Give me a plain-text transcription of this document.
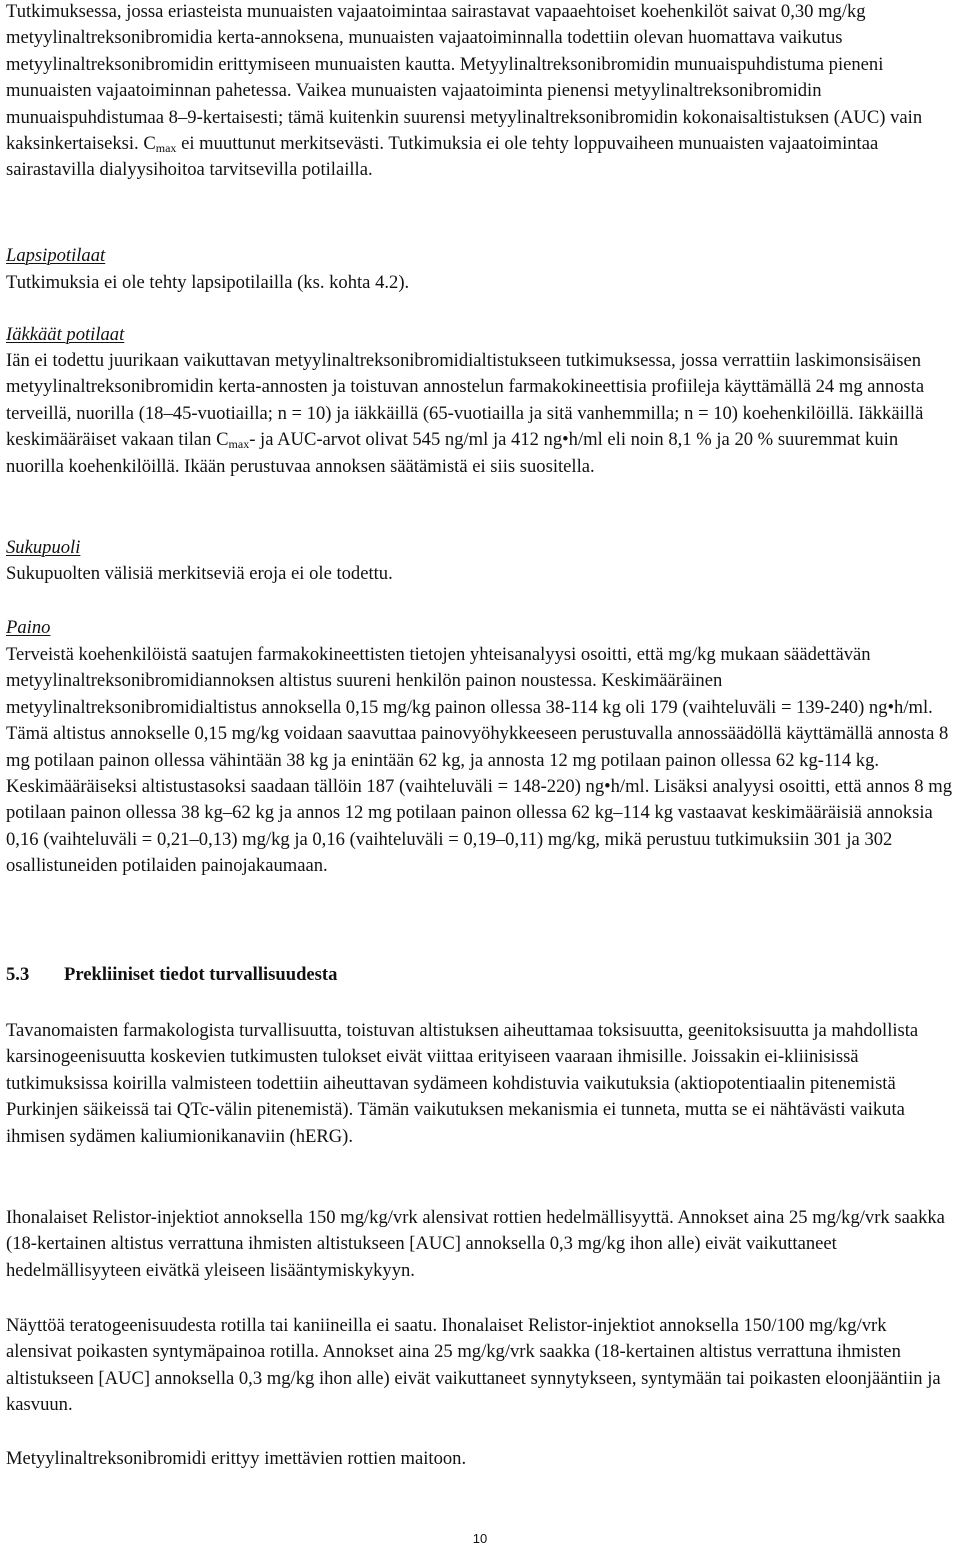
Tutkimuksessa, jossa eriasteista munuaisten vajaatoimintaa sairastavat vapaaehtoiset koehenkilöt saivat 0,30 mg/kg metyylinaltreksonibromidia kerta-annoksena, munuaisten vajaatoiminnalla todettiin olevan huomattava vaikutus metyylinaltreksonibromidin erittymiseen munuaisten kautta. Metyylinaltreksonibromidin munuaispuhdistuma pieneni munuaisten vajaatoiminnan pahetessa. Vaikea munuaisten vajaatoiminta pienensi metyylinaltreksonibromidin munuaispuhdistumaa 8–9-kertaisesti; tämä kuitenkin suurensi metyylinaltreksonibromidin kokonaisaltistuksen (AUC) vain kaksinkertaiseksi. $C_{max}$ ei muuttunut merkitsevästi. Tutkimuksia ei ole tehty loppuvaiheen munuaisten vajaatoimintaa sairastavilla dialyysihoitoa tarvitsevilla potilailla.

Lapsipotilaat

Tutkimuksia ei ole tehty lapsipotilailla (ks. kohta 4.2).

Iäkkäät potilaat

Iän ei todettu juurikaan vaikuttavan metyylinaltreksonibromidialtistukseen tutkimuksessa, jossa verrattiin laskimonsisäisen metyylinaltreksonibromidin kerta-annosten ja toistuvan annostelun farmakokineettisia profiileja käyttämällä 24 mg annosta terveillä, nuorilla (18–45-vuotiailla; n = 10) ja iäkkäillä (65-vuotiailla ja sitä vanhemmilla; n = 10) koehenkilöillä. Iäkkäillä keskimääräiset vakaan tilan $C_{max}-$ ja AUC-arvot olivat 545 ng/ml ja 412 ng•h/ml eli noin 8,1 % ja 20 % suuremmat kuin nuorilla koehenkilöillä. Ikään perustuvaa annoksen säätämistä ei siis suositella.

Sukupuoli

Sukupuolten välisiä merkitseviä eroja ei ole todettu.

Paino

Terveistä koehenkilöistä saatujen farmakokineettisten tietojen yhteisanalyysi osoitti, että mg/kg mukaan säädettävän metyylinaltreksonibromidiannoksen altistus suureni henkilön painon noustessa. Keskimääräinen metyylinaltreksonibromidialtistus annoksella 0,15 mg/kg painon ollessa 38-114 kg oli 179 (vaihteluväli = 139-240) ng•h/ml. Tämä altistus annokselle 0,15 mg/kg voidaan saavuttaa painovyöhykkeeseen perustuvalla annossäädöllä käyttämällä annosta 8 mg potilaan painon ollessa vähintään 38 kg ja enintään 62 kg, ja annosta 12 mg potilaan painon ollessa 62 kg-114 kg. Keskimääräiseksi altistustasoksi saadaan tällöin 187 (vaihteluväli = 148-220) ng•h/ml. Lisäksi analyysi osoitti, että annos 8 mg potilaan painon ollessa 38 kg–62 kg ja annos 12 mg potilaan painon ollessa 62 kg–114 kg vastaavat keskimääräisiä annoksia 0,16 (vaihteluväli = 0,21–0,13) mg/kg ja 0,16 (vaihteluväli = 0,19–0,11) mg/kg, mikä perustuu tutkimuksiin 301 ja 302 osallistuneiden potilaiden painojakaumaan.

5.3	Prekliiniset tiedot turvallisuudesta

Tavanomaisten farmakologista turvallisuutta, toistuvan altistuksen aiheuttamaa toksisuutta, geenitoksisuutta ja mahdollista karsinogeenisuutta koskevien tutkimusten tulokset eivät viittaa erityiseen vaaraan ihmisille. Joissakin ei-kliinisissä tutkimuksissa koirilla valmisteen todettiin aiheuttavan sydämeen kohdistuvia vaikutuksia (aktiopotentiaalin pitenemistä Purkinjen säikeissä tai QTc-välin pitenemistä). Tämän vaikutuksen mekanismia ei tunneta, mutta se ei nähtävästi vaikuta ihmisen sydämen kaliumionikanaviin (hERG).

Ihonalaiset Relistor-injektiot annoksella 150 mg/kg/vrk alensivat rottien hedelmällisyyttä. Annokset aina 25 mg/kg/vrk saakka (18-kertainen altistus verrattuna ihmisten altistukseen [AUC] annoksella 0,3 mg/kg ihon alle) eivät vaikuttaneet hedelmällisyyteen eivätkä yleiseen lisääntymiskykyyn.

Näyttöä teratogeenisuudesta rotilla tai kaniineilla ei saatu. Ihonalaiset Relistor-injektiot annoksella 150/100 mg/kg/vrk alensivat poikasten syntymäpainoa rotilla. Annokset aina 25 mg/kg/vrk saakka (18-kertainen altistus verrattuna ihmisten altistukseen [AUC] annoksella 0,3 mg/kg ihon alle) eivät vaikuttaneet synnytykseen, syntymään tai poikasten eloonjääntiin ja kasvuun.

Metyylinaltreksonibromidi erittyy imettävien rottien maitoon.

10
